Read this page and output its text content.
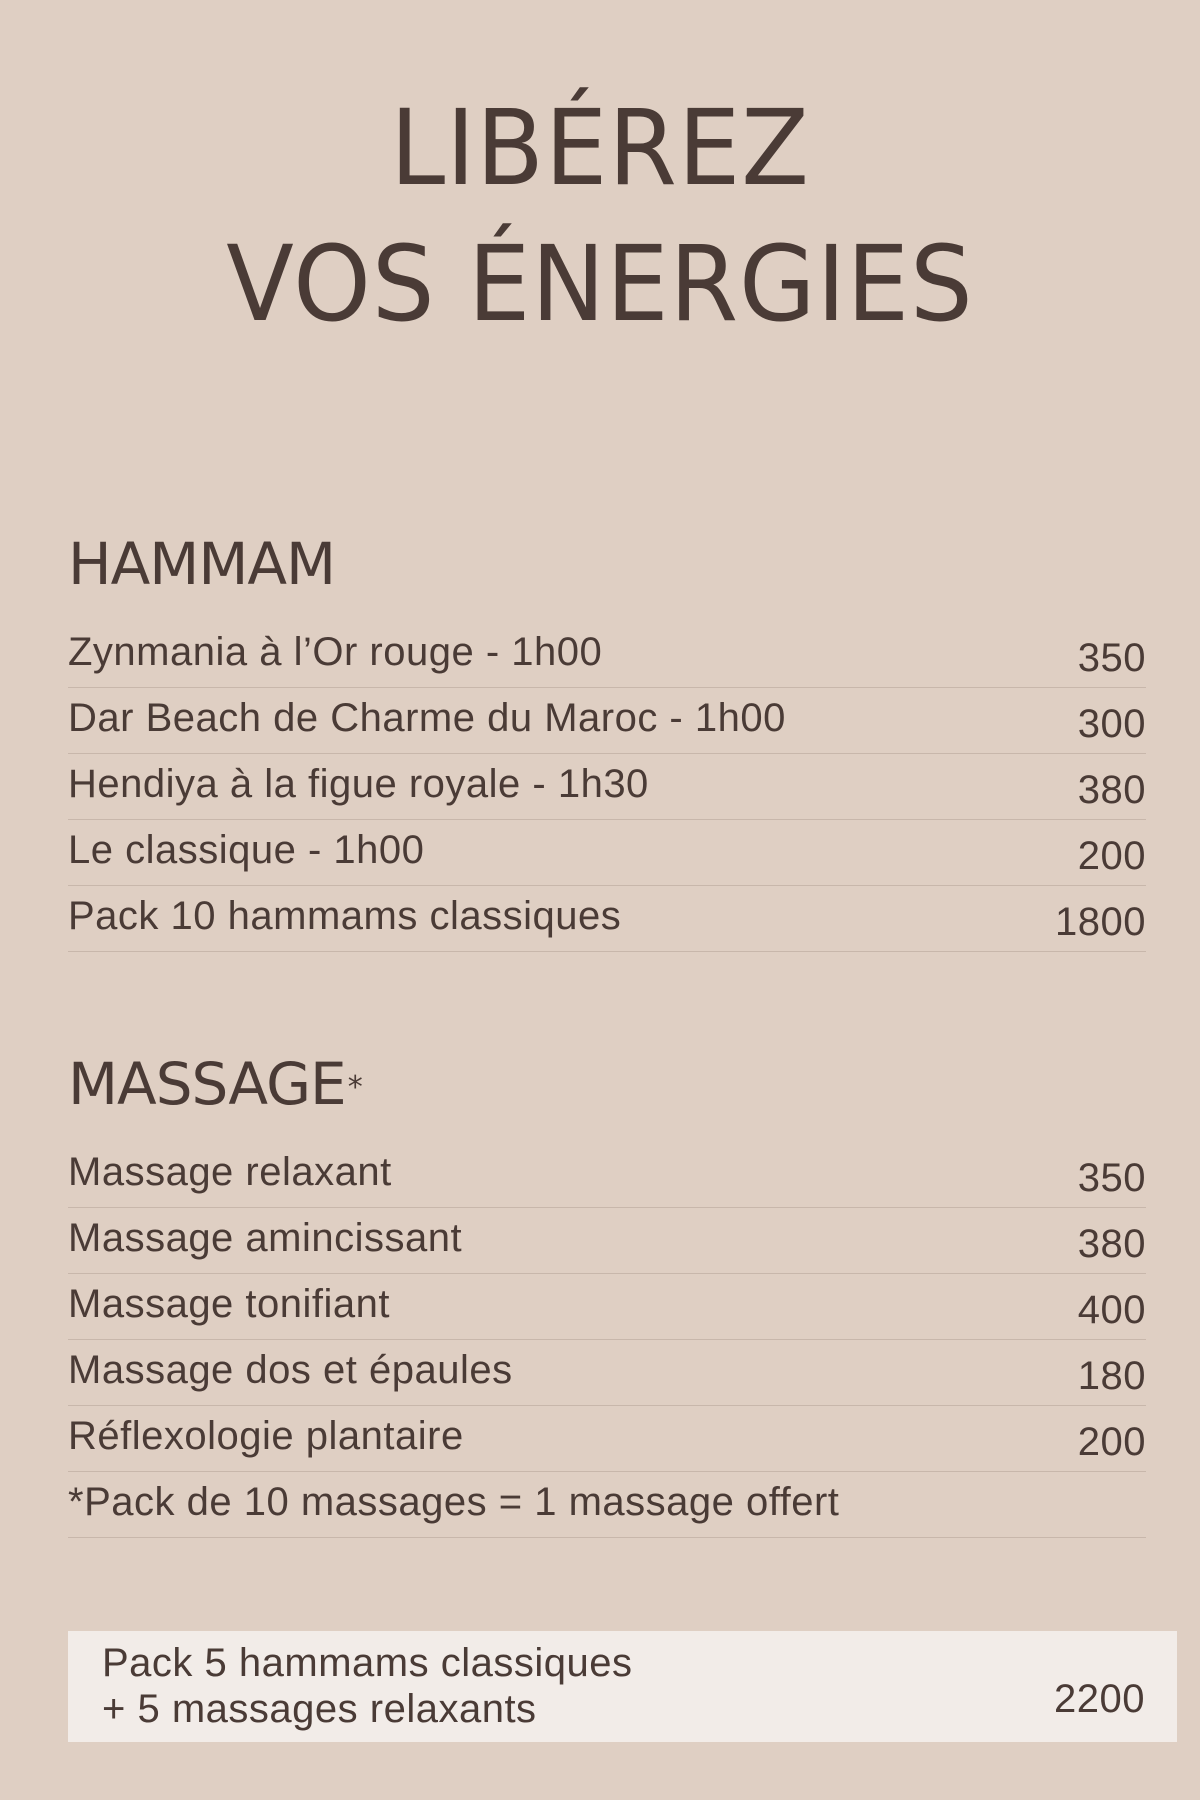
LIBÉREZ
VOS ÉNERGIES
HAMMAM
Zynmania à l’Or rouge - 1h00	350
Dar Beach de Charme du Maroc - 1h00	300
Hendiya à la figue royale - 1h30	380
Le classique - 1h00	200
Pack 10 hammams classiques	1800
MASSAGE*
Massage relaxant	350
Massage amincissant	380
Massage tonifiant	400
Massage dos et épaules	180
Réflexologie plantaire	200
*Pack de 10 massages = 1 massage offert
Pack 5 hammams classiques
+ 5 massages relaxants	2200
